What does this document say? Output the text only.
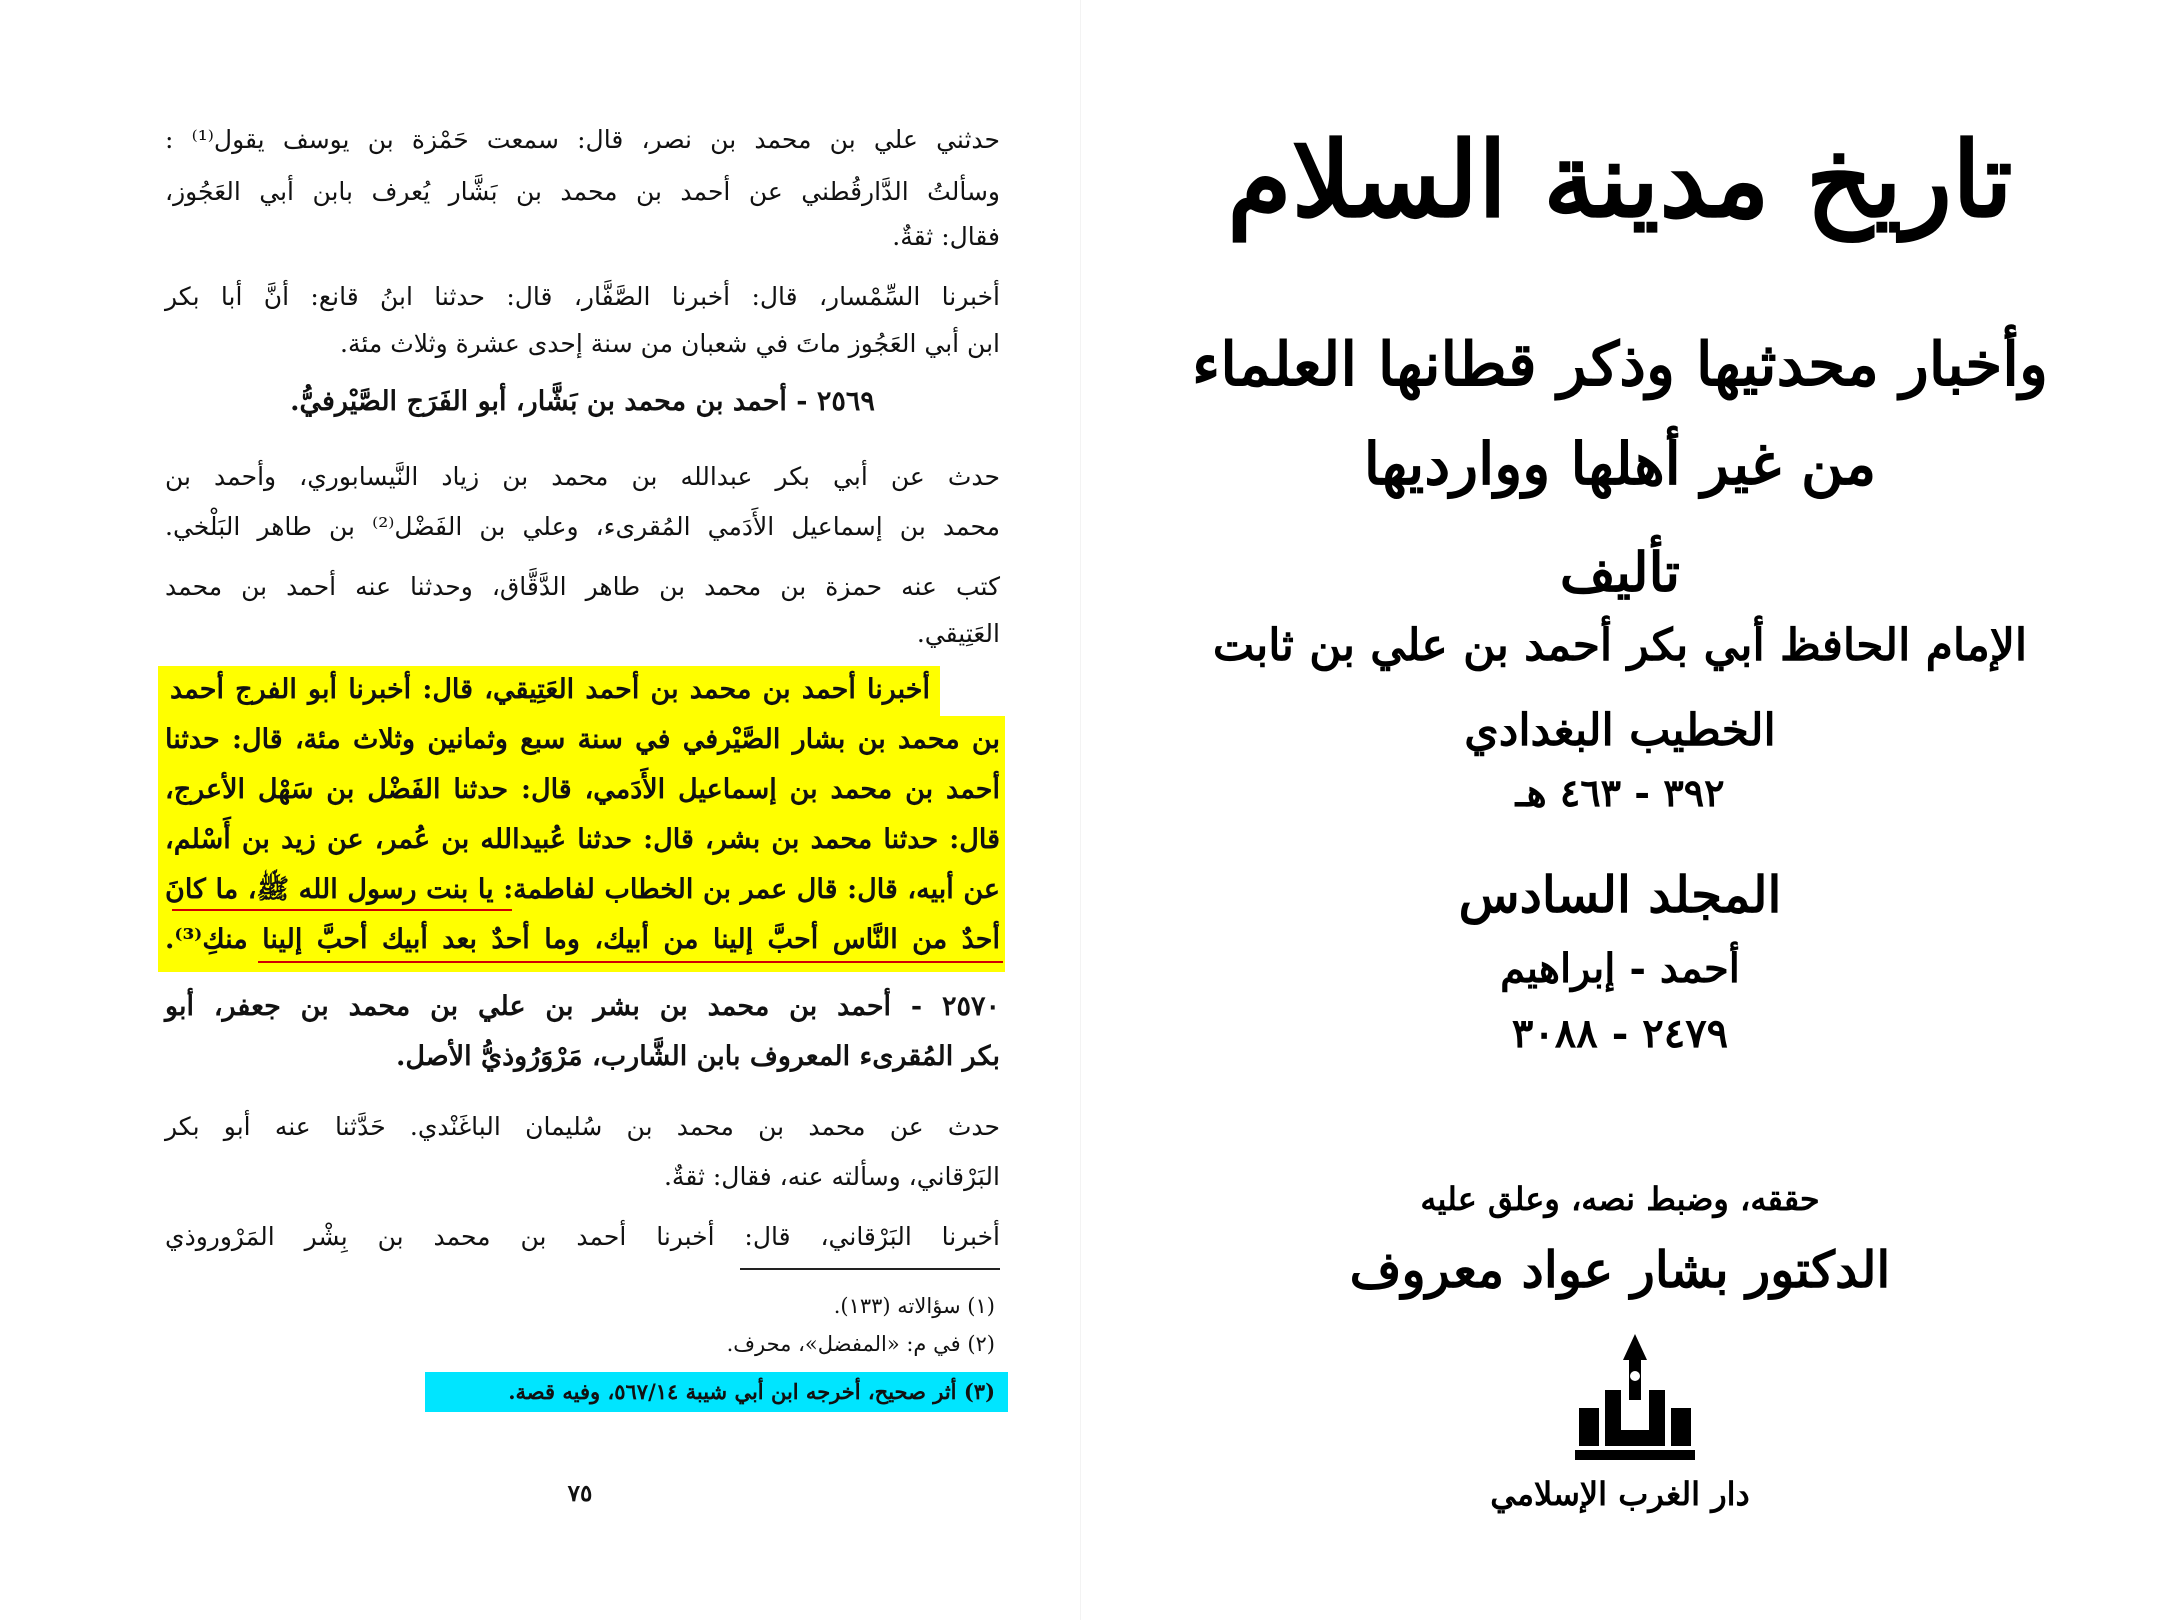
حدثني علي بن محمد بن نصر، قال: سمعت حَمْزة بن يوسف يقول⁽¹⁾ :

وسألتُ الدَّارقُطني عن أحمد بن محمد بن بَشَّار يُعرف بابن أبي العَجُوز،

فقال: ثقةٌ.

أخبرنا السِّمْسار، قال: أخبرنا الصَّفَّار، قال: حدثنا ابنُ قانع: أنَّ أبا بكر

ابن أبي العَجُوز ماتَ في شعبان من سنة إحدى عشرة وثلاث مئة.

٢٥٦٩ - أحمد بن محمد بن بَشَّار، أبو الفَرَج الصَّيْرفيُّ.

حدث عن أبي بكر عبدالله بن محمد بن زياد النَّيسابوري، وأحمد بن

محمد بن إسماعيل الأَدَمي المُقرىء، وعلي بن الفَضْل⁽²⁾ بن طاهر البَلْخي.

كتب عنه حمزة بن محمد بن طاهر الدَّقَّاق، وحدثنا عنه أحمد بن محمد

العَتِيقي.

أخبرنا أحمد بن محمد بن أحمد العَتِيقي، قال: أخبرنا أبو الفرج أحمد

بن محمد بن بشار الصَّيْرفي في سنة سبع وثمانين وثلاث مئة، قال: حدثنا

أحمد بن محمد بن إسماعيل الأَدَمي، قال: حدثنا الفَضْل بن سَهْل الأعرج،

قال: حدثنا محمد بن بشر، قال: حدثنا عُبيدالله بن عُمر، عن زيد بن أَسْلم،

عن أبيه، قال: قال عمر بن الخطاب لفاطمة: يا بنت رسول الله ﷺ، ما كانَ

أحدٌ من النَّاس أحبَّ إلينا من أبيك، وما أحدٌ بعد أبيك أحبَّ إلينا منكِ⁽³⁾.

٢٥٧٠ - أحمد بن محمد بن بشر بن علي بن محمد بن جعفر، أبو

بكر المُقرىء المعروف بابن الشَّارب، مَرْوَرُوذيُّ الأصل.

حدث عن محمد بن محمد بن سُليمان الباغَنْدي. حَدَّثنا عنه أبو بكر

البَرْقاني، وسألته عنه، فقال: ثقةٌ.

أخبرنا البَرْقاني، قال: أخبرنا أحمد بن محمد بن بِشْر المَرْوروذي

(١) سؤالاته (١٣٣).

(٢) في م: «المفضل»، محرف.

(٣) أثر صحيح، أخرجه ابن أبي شيبة ٥٦٧/١٤، وفيه قصة.

٧٥

تاريخ مدينة السلام

وأخبار محدثيها وذكر قطانها العلماء

من غير أهلها ووارديها

تأليف

الإمام الحافظ أبي بكر أحمد بن علي بن ثابت

الخطيب البغدادي

٣٩٢ - ٤٦٣ هـ

المجلد السادس

أحمد - إبراهيم

٢٤٧٩ - ٣٠٨٨

حققه، وضبط نصه، وعلق عليه

الدكتور بشار عواد معروف

دار الغرب الإسلامي
